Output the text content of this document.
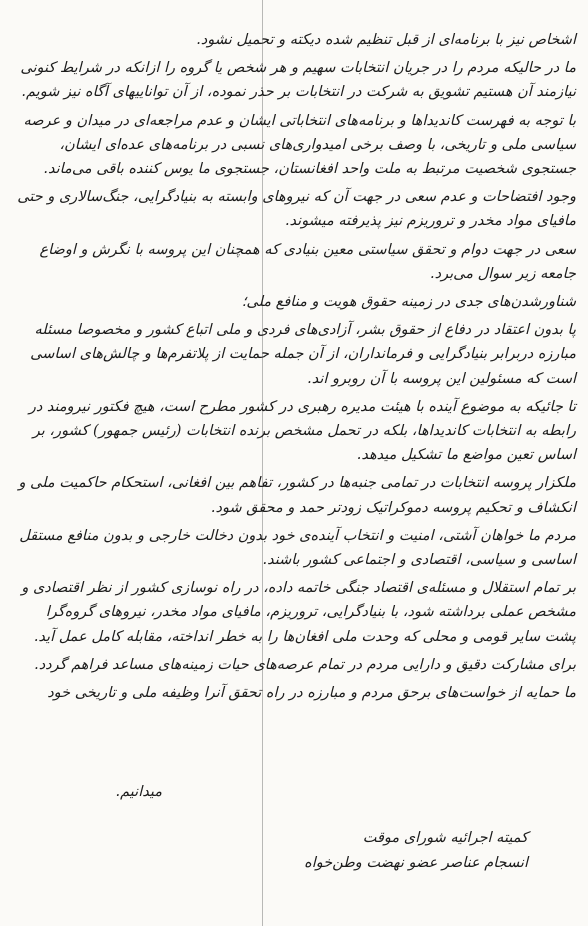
اشخاص نیز با برنامه‌ای از قبل تنظیم شده دیکته و تحمیل نشود.

ما در حالیکه مردم را در جریان انتخابات سهیم و هر شخص یا گروه را ازانکه در شرایط کنونی نیازمند آن هستیم تشویق به شرکت در انتخابات بر حذر نموده، از آن تواناییهای آگاه نیز شویم.

با توجه به فهرست کاندیداها و برنامه‌های انتخاباتی ایشان و عدم مراجعه‌ای در میدان و عرصه سیاسی ملی و تاریخی، با وصف برخی امیدواری‌های نسبی در برنامه‌های عده‌ای ایشان، جستجوی شخصیت مرتبط به ملت واحد افغانستان، جستجوی ما یوس کننده باقی می‌ماند.

وجود افتضاحات و عدم سعی در جهت آن که نیروهای وابسته به بنیادگرایی، جنگ‌سالاری و حتی مافیای مواد مخدر و تروریزم نیز پذیرفته میشوند.

سعی در جهت دوام و تحقق سیاستی معین بنیادی که همچنان این پروسه با نگرش و اوضاع جامعه زیر سوال می‌برد.

شناورشدن‌های جدی در زمینه حقوق هویت و منافع ملی؛

پا بدون اعتقاد در دفاع از حقوق بشر، آزادی‌های فردی و ملی اتباع کشور و مخصوصا مسئله مبارزه دربرابر بنیادگرایی و فرمانداران، از آن جمله حمایت از پلاتفرم‌ها و چالش‌های اساسی است که مسئولین این پروسه با آن روبرو اند.

تا جائیکه به موضوع آینده با هیئت مدیره رهبری در کشور مطرح است، هیچ فکتور نیرومند در رابطه به انتخابات کاندیداها، بلکه در تحمل مشخص برنده انتخابات (رئیس جمهور) کشور، بر اساس تعین مواضع ما تشکیل میدهد.

ملکزار پروسه انتخابات در تمامی جنبه‌ها در کشور، تفاهم بین افغانی، استحکام حاکمیت ملی و انکشاف و تحکیم پروسه دموکراتیک زودتر حمد و محقق شود.

مردم ما خواهان آشتی، امنیت و انتخاب آینده‌ی خود بدون دخالت خارجی و بدون منافع مستقل اساسی و سیاسی، اقتصادی و اجتماعی کشور باشند.

بر تمام استقلال و مسئله‌ی اقتصاد جنگی خاتمه داده، در راه نوسازی کشور از نظر اقتصادی و مشخص عملی برداشته شود، با بنیادگرایی، تروریزم، مافیای مواد مخدر، نیروهای گروه‌گرا پشت سایر قومی و محلی که وحدت ملی افغان‌ها را به خطر انداخته، مقابله کامل عمل آید.

برای مشارکت دقیق و دارایی مردم در تمام عرصه‌های حیات زمینه‌های مساعد فراهم گردد.

ما حمایه از خواست‌های برحق مردم و مبارزه در راه تحقق آنرا وظیفه ملی و تاریخی خود

میدانیم.
کمیته اجرائیه شورای موقت
انسجام عناصر عضو نهضت وطن‌خواه
